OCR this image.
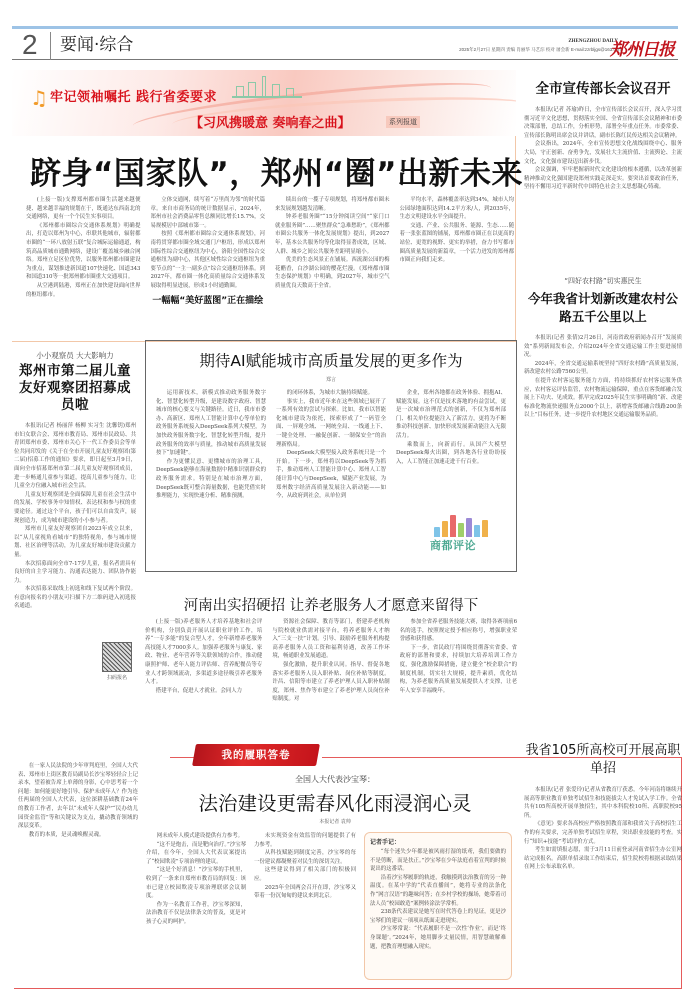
2 要闻·综合	ZHENGZHOU DAILY
2025年2月27日 星期四 责编 肖丽华 马艺淙 校对 屠会新 E-mail:zzrbljgs@163.com
郑州日报
♫ 牢记领袖嘱托 践行省委要求
【习风携暖意 奏响春之曲】	系列报道
跻身“国家队”，郑州“圈”出新未来

(上接一版)支撑郑州都市圈生活越来越便捷、越来越幸福的规划在于，既通达东西南北的交通网络，更有一个个民生实事项目。

《郑州都市圈综合交通体系规划》明确提出，打造以郑州为中心，串联其他城市，辐射都市圈的“一环八放射五联”复合城际运输通道，构筑高品质城市通勤网络，建设广覆盖城乡融合网络。郑州立足区位优势，以服务郑州都市圈建设为重点，谋划推进新国道107快速化、国道343和国道310等一批郑州都市圈重大交通项目。

从空港到陆港，郑州正在加快建设面向世界的枢纽都市。

立体交通网，续写着“万里尚为邻”的时代篇章。来自市商务局的统计数据显示，2024年，郑州市社会消费品零售总额同比增长15.7%，交易规模居中部城市第一。

按照《郑州都市圈综合交通体系规划》，河南将贯穿都市圈全域交通门户枢纽，形成以郑州国际性综合交通枢纽为中心，洛阳全国性综合交通枢纽为副中心，其他区域性综合交通枢纽为重要节点的“一主一副多点”综合交通枢纽体系。到2027年，都市圈一体化高质量综合交通体系发展取得明显进展，形成1小时通勤圈。

一幅幅“美好蓝图”正在描绘

续出台的一揽子专项规划，将郑州都市圈未来发展规划越发清晰。

钟养老服务圈”“15分钟阅读空间”“家门口就业服务圈”……聚焦群众“急难愁盼”，《郑州都市圈公共服务一体化发展规划》提出，到2027年，基本公共服务均等化取得显著成效，区域、人群、城乡之间公共服务差距明显缩小。

优美的生态风景正在铺展。西流湖公园的梅花醋香，白沙湖公园的樱花烂漫。《郑州都市圈生态保护规划》中明确，到2027年，城市空气质量优良天数高于全省。

平均水平，森林覆盖率达到34%，城市人均公园绿地面积达到14.2平方米/人，到2035年，生态文明建设水平全面提升。

交通、产业、公共服务、能源、生态……随着一张张蓝图的铺展，郑州都市圈正在以更高的站位、更宽的视野、更实的举措，奋力书写都市圈高质量发展的新篇章，一个活力迸发的郑州都市圈正向我们走来。

全市宣传部长会议召开

本报讯(记者 苏瑜)昨日，全市宣传部长会议召开，深入学习贯彻习近平文化思想，贯彻落实全国、全省宣传部长会议精神和市委决策部署，总结工作，分析形势，部署全年重点任务。市委常委、宣传部长陈明出席会议并讲话，副市长陈红民传达相关会议精神。

会议指出，2024年，全市宣传思想文化战线围绕中心、服务大局，守正创新、奋勇争先，发展壮大主流价值、主流舆论、主流文化，文化强市建设迈出新步伐。

会议强调，牢牢把握新时代文化建设的根本遵循，以改革创新精神推动文化强国建设郑州实践走深走实。要突出首要政治任务，坚持不懈用习近平新时代中国特色社会主义思想凝心铸魂。

“四好农村路”切实惠民生
今年我省计划新改建农村公路五千公里以上

本报讯(记者 张倩)2月26日，河南省政府新闻办召开“发展质效”系列新闻发布会，介绍2024年全省交通运输工作主要进展情况。

2024年，全省交通运输系统坚持“四好农村路”高质量发展，新改建农村公路7560公里。

在提升农村客运服务能力方面，将持续抓好农村客运服务供应，农村客运评估监管，农村物流运输保障，重点在客货邮融合发展上下功夫、见成效。抓早完成2025年民生实事明确的“新、改建标准化物流快递服务点2000个以上，新增客货邮融合线路200条以上”目标任务，进一步提升农村地区交通运输服务品质。

小小观察员 大大影响力
郑州市第二届儿童友好观察团招募成员啦

本报讯(记者 杨丽萍 杨柳 实习生 沈馨钥)郑州市妇女联合会、郑州市教育局、郑州市民政局、共青团郑州市委、郑州市关心下一代工作委员会等单位共同印发的《关于在全市开展儿童友好观察团(第二届)招募工作的通知》要求，即日起至3月9日，面向全市招募郑州市第二届儿童友好观察团成员，进一步畅通儿童参与渠道，提高儿童参与能力，让儿童全方位融入城市社会生活。

儿童友好观察团是全面保障儿童在社会生活中的发展、学校事务中知情权、表达权和参与权的重要途径。通过这个平台，孩子们可以自由发声，展现创造力，成为城市建设的小小参与者。

郑州市儿童友好观察团自2023年成立以来，以“从儿童视角看城市”的独特视角，参与城市规划、社区治理等活动，为儿童友好城市建设贡献力量。

本次招募面向全市7-17岁儿童，报名者需具有良好的自主学习能力、沟通表达能力、团队协作能力。

本次招募采取线上初选和线下复试两个阶段。有意向报名的小朋友可扫描下方二维码进入初选报名通道。

扫码报名
期待AI赋能城市高质量发展的更多作为
郑言

运用新技术，新模式推动政务服务数字化、智慧化转型升级，是建设数字政府、智慧城市的核心要义与关键路径。近日，我市市委办、高新区、郑州人工智能计算中心等单位的政务服务系统接入DeepSeek系列大模型，为加快政务服务数字化、智慧化转型升级，提升政务服务的效率与质量，推动城市高质量发展按下“加速键”。

作为更懂民意、更懂城市的治理工具，DeepSeek能够在海量数据中精准识别群众的政务服务需求。特别是在城市治理方面，DeepSeek既可整合海量数据，也能凭借实时推理能力，实现快速分析、精准预测。

的闭环体系，为城市大脑持续赋能。

事实上，我市近年来在这些领域已展开了一系列有效的尝试与探索。比如，我市以智能化城市建设为依托，探索形成了“一码管全面、一屏观全域、一网统全局、一线通上下、一键全处理、一融促创新、一制保安全”的治理新格局。

DeepSeek大模型接入政务系统只是一个开始。下一步，郑州将以DeepSeek等为抓手，推动郑州人工智能计算中心、郑州人工智能计算中心与DeepSeek，赋能产业发展，为郑州数字经济高质量发展注入新动能——如今，从政府到社会，从单位到

企业，郑州各地都在政务体验、拥抱AI、赋能发展。这不仅是技术落地的有益尝试，更是一次城市治理范式的创新，不仅为郑州部门、相关单位提能注入了新活力，更将为不断推动科技创新、加快形成发展新动能注入无限活力。

乘数而上，向新而行。从国产大模型DeepSeek爆火出圈，到各地各行业纷纷接入，人工智能正加速走进千行百业。

商都评论
河南出实招硬招 让养老服务人才愿意来留得下

(上接一版)养老服务人才培养基地和社会评价机构，分别负责开展认证职业评价工作，培养“一专多能”的复合型人才，全年新增养老服务高技能人才7000多人。加强养老服务与康复、家政、物业、老年营养等关联领域的合作，推动健康照护师、老年人能力评估师、营养配餐员等专业人才跨领域流动，多渠道多途径吸引养老服务人才。

搭建平台，促进人才就业。会同人力

资源社会保障、教育等部门，搭建养老机构与院校就业供需对接平台，将养老服务人才纳入“三支一扶”计划。引导、鼓励养老服务机构提高养老服务人员工资和福利待遇，改善工作环境，畅通职业发展通道。

强化激励，提升职业认同。指导、督促各地落实养老服务人员入职补贴、岗位补贴等制度。许昌、信阳等市建立了养老护理人员入职补贴制度，郑州、焦作等市建立了养老护理人员岗位补贴制度。对

参加全省养老服务技能大赛，取得各赛项前6名的选手，按照规定授予相应称号，增强职业荣誉感和获得感。

下一步，省民政厅将围绕贯彻落实省委、省政府的部署和要求，持续加大培养培训工作力度，强化激励保障措施，建立健全“校企联合”的制度机制，切实壮大规模，提升素质，优化结构，为养老服务高质量发展提供人才支撑，让老年人安享幸福晚年。

我的履职答卷

在一家人民法院的少年审判庭里，全国人大代表、郑州市上街区教育局副局长沙宝琴轻轻合上记录本，望着被告席上单薄的身影，心中思考着一个问题：如何能更好地引导、保护未成年人？作为连任两届的全国人大代表，这位深耕基础教育24年的教育工作者，去年以“未成年人保护”“民办幼儿园资金监管”等和关键议为支点，撬动教育领域的深层变革。

教育的本质，是灵魂唤醒灵魂。

全国人大代表沙宝琴：
法治建设更需春风化雨浸润心灵
本报记者 袁帅

网未成年人模式建设提供有力参考。

“这不是炮击，而是靶向治疗。”沙宝琴介绍，在今年，全国人大代表议案提出了“校园欺凌”专项治理的建议。

“这是个好消息！”沙宝琴的手机里，收到了一条来自郑州市教育局的回复：该市已建立校园欺凌专项治理联席会议制度。

作为一名教育工作者，沙宝琴深知，法治教育不仅是法律条文的普及，更是对孩子心灵的呵护。

未实现资金有效监管的问题提供了有力参考。

从科技赋能到制度完善，沙宝琴的每一份建议都凝聚着对民生的深切关注。

这些建议得到了相关部门的积极回应。

2025年全国两会召开在即，沙宝琴又带着一份沉甸甸的建议来到北京。

记者手记：

“每个迷失少年都是被风雨打湿的纸鸢，我们要做的不是剪断，而是扶正。”沙宝琴在少年法庭看着宣判的时候说出的这番话。

沿着沙宝琴履职的轨迹，我触摸到法治教育的另一种温度。在某中学的“代表直播间”，她将专业的法条化作“网言汉语”的趣味问答；在乡村学校的操场，她带着司法人员“校园敢造”案例转涂法学常析。

238条代表建议是她写在时代答卷上的见证，更是沙宝琴们的建议一项项从纸面走进现实。

沙宝琴常说：“代表履职不是一次性‘作业’，而是‘终身课题’。”2024年，她用脚步丈量民情，用智慧破解难题，把教育理想融入现实。

我省105所高校可开展高职单招

本报讯(记者 张爱玲)记者从省教育厅获悉，今年河南将继续开展高等职业教育单独考试招生和技能拔尖人才免试入学工作。全省共有105所高校开展单独招生，其中本科院校10所、高职院校95所。

《意见》要求各高校应严格按照教育部和我省关于高校招生工作的有关要求，完善单独考试招生章程，突出职业技能的考查。实行“知识+技能”考试评价方式。

考生如需填报志愿，需于3月11日前登录河南省招生办公室网站完成报名。高职单招录取工作结束后，招生院校将根据录取结果在网上公布录取名单。
